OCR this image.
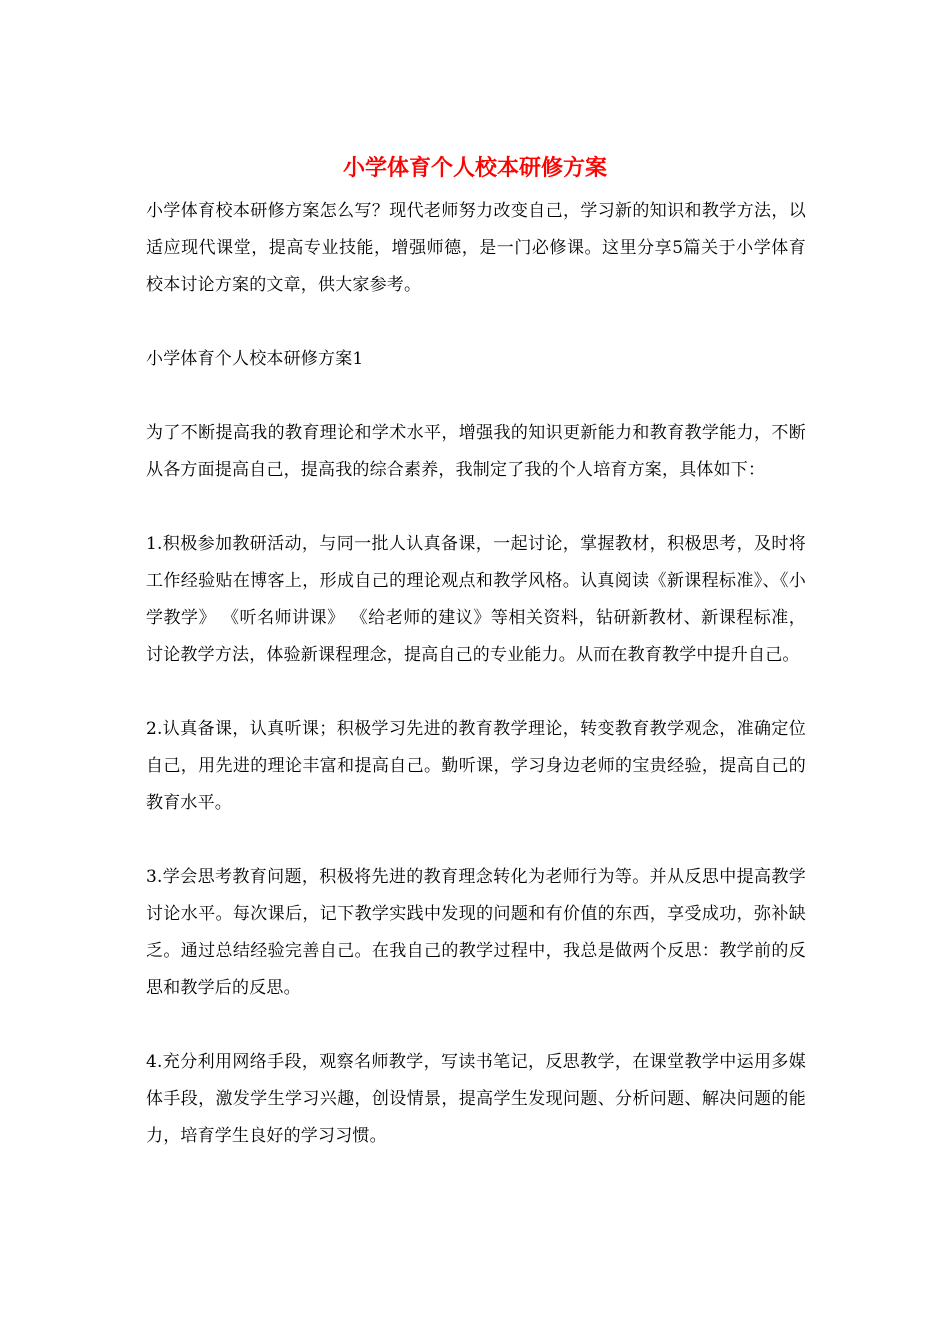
小学体育个人校本研修方案

小学体育校本研修方案怎么写？现代老师努力改变自己，学习新的知识和教学方法，以适应现代课堂，提高专业技能，增强师德，是一门必修课。这里分享5篇关于小学体育校本讨论方案的文章，供大家参考。

小学体育个人校本研修方案1

为了不断提高我的教育理论和学术水平，增强我的知识更新能力和教育教学能力，不断从各方面提高自己，提高我的综合素养，我制定了我的个人培育方案，具体如下：

1.积极参加教研活动，与同一批人认真备课，一起讨论，掌握教材，积极思考，及时将工作经验贴在博客上，形成自己的理论观点和教学风格。认真阅读《新课程标准》、《小学教学》 《听名师讲课》 《给老师的建议》等相关资料，钻研新教材、新课程标准，讨论教学方法，体验新课程理念，提高自己的专业能力。从而在教育教学中提升自己。

2.认真备课，认真听课；积极学习先进的教育教学理论，转变教育教学观念，准确定位自己，用先进的理论丰富和提高自己。勤听课，学习身边老师的宝贵经验，提高自己的教育水平。

3.学会思考教育问题，积极将先进的教育理念转化为老师行为等。并从反思中提高教学讨论水平。每次课后，记下教学实践中发现的问题和有价值的东西，享受成功，弥补缺乏。通过总结经验完善自己。在我自己的教学过程中，我总是做两个反思：教学前的反思和教学后的反思。

4.充分利用网络手段，观察名师教学，写读书笔记，反思教学，在课堂教学中运用多媒体手段，激发学生学习兴趣，创设情景，提高学生发现问题、分析问题、解决问题的能力，培育学生良好的学习习惯。
